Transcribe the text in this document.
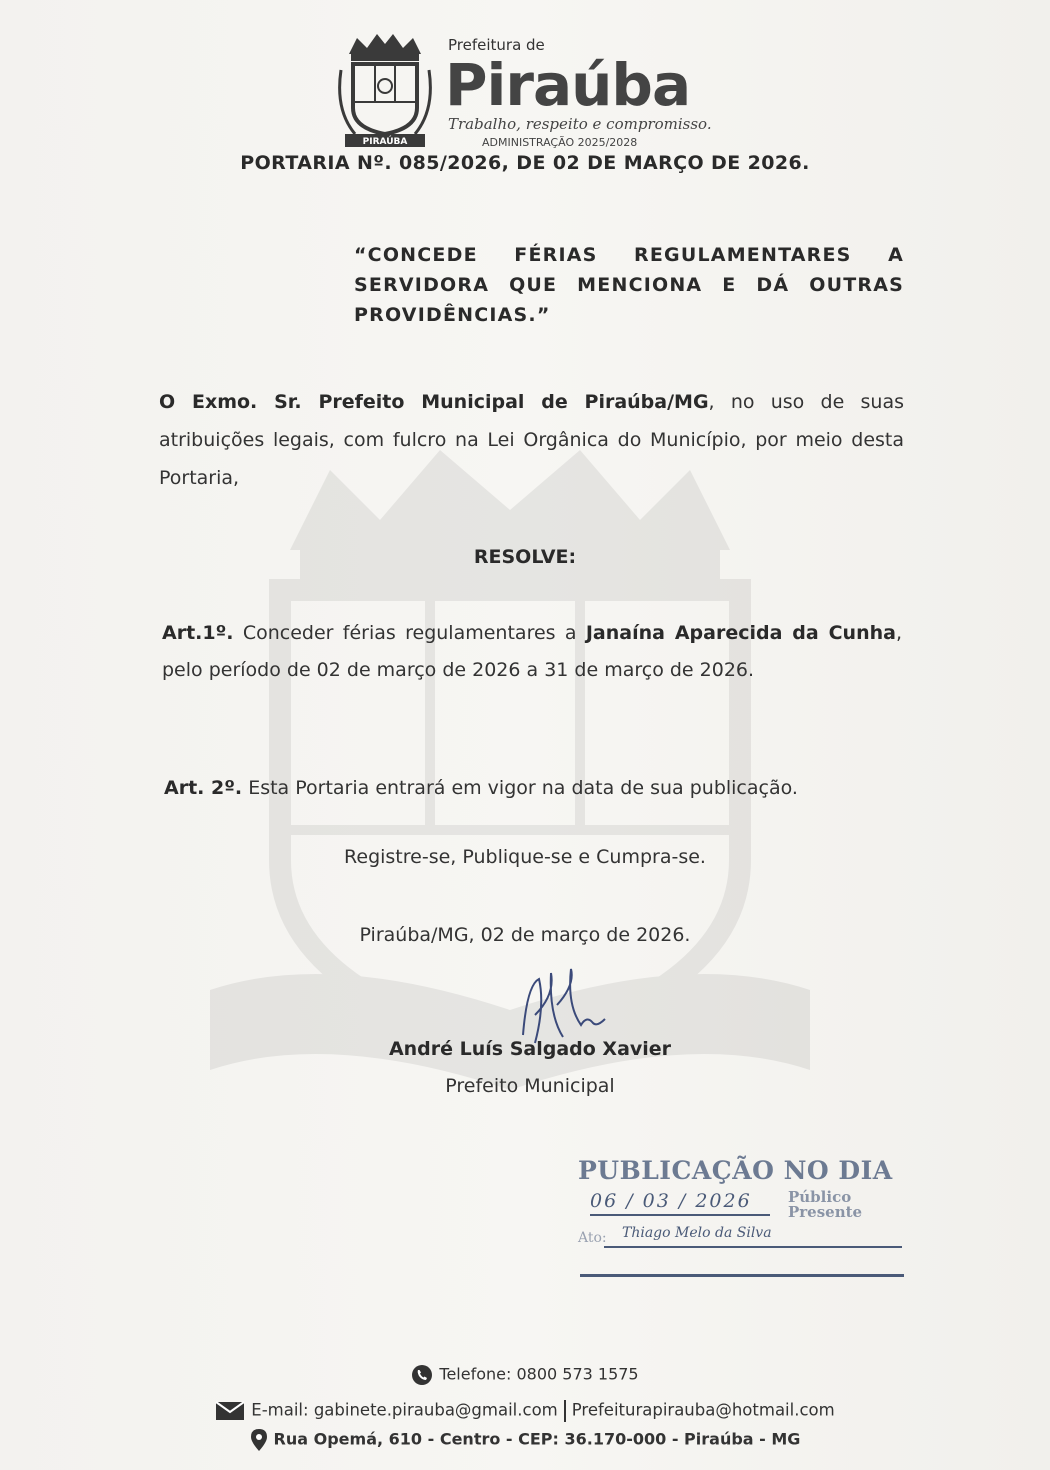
PIRAÚBA
Prefeitura de
Piraúba
Trabalho, respeito e compromisso.
ADMINISTRAÇÃO 2025/2028
PORTARIA Nº. 085/2026, DE 02 DE MARÇO DE 2026.
“CONCEDE FÉRIAS REGULAMENTARES A SERVIDORA QUE MENCIONA E DÁ OUTRAS PROVIDÊNCIAS.”
O Exmo. Sr. Prefeito Municipal de Piraúba/MG, no uso de suas atribuições legais, com fulcro na Lei Orgânica do Município, por meio desta Portaria,
RESOLVE:
Art.1º. Conceder férias regulamentares a Janaína Aparecida da Cunha, pelo período de 02 de março de 2026 a 31 de março de 2026.
Art. 2º. Esta Portaria entrará em vigor na data de sua publicação.
Registre-se, Publique-se e Cumpra-se.
Piraúba/MG, 02 de março de 2026.
André Luís Salgado Xavier
Prefeito Municipal
PUBLICAÇÃO NO DIA
06 / 03 / 2026 Público
Presente
Ato: Thiago Melo da Silva
Telefone: 0800 573 1575
E-mail: gabinete.pirauba@gmail.com Prefeiturapirauba@hotmail.com
Rua Opemá, 610 - Centro - CEP: 36.170-000 - Piraúba - MG
